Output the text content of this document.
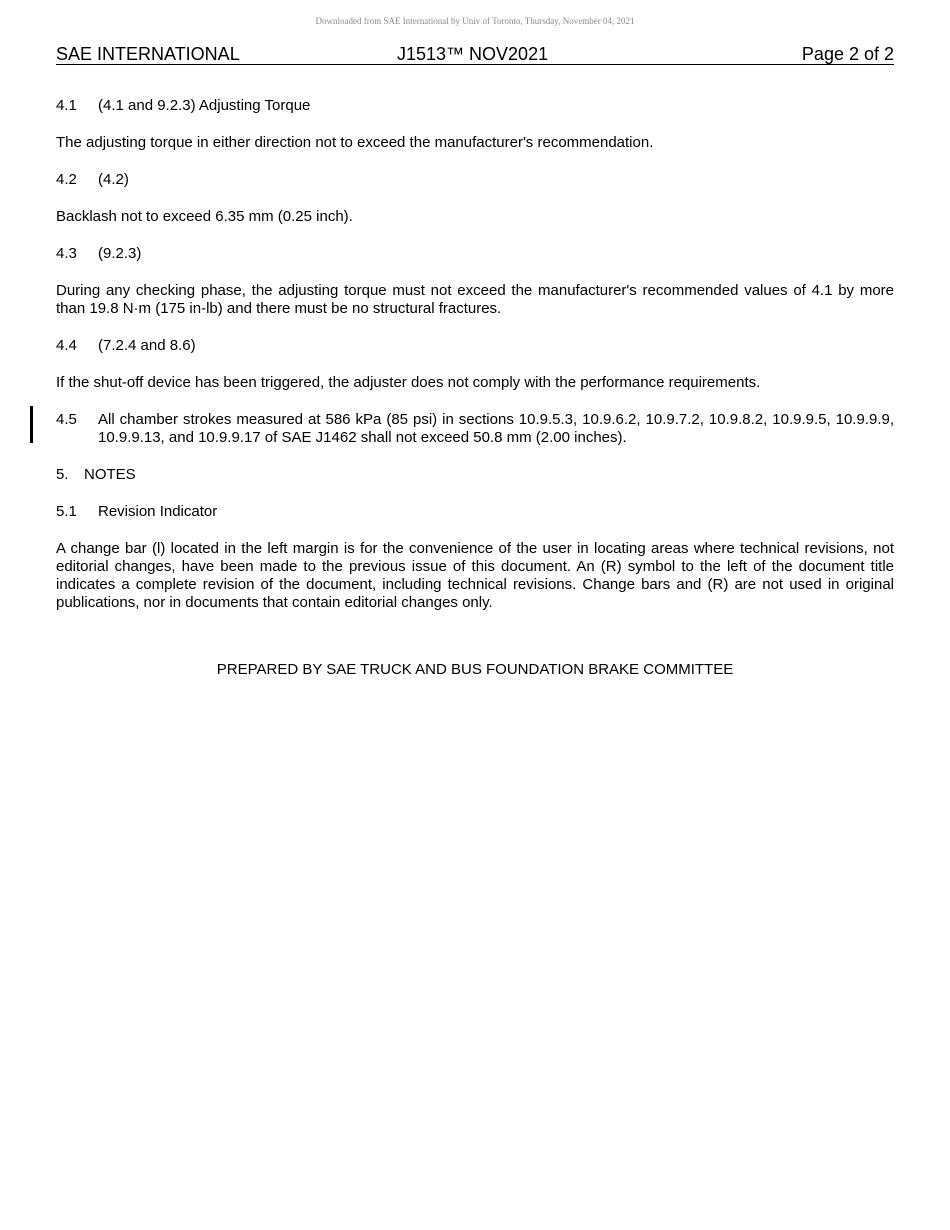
Downloaded from SAE International by Univ of Toronto, Thursday, November 04, 2021
SAE INTERNATIONAL	J1513™ NOV2021	Page 2 of 2
4.1 (4.1 and 9.2.3) Adjusting Torque

The adjusting torque in either direction not to exceed the manufacturer's recommendation.

4.2 (4.2)

Backlash not to exceed 6.35 mm (0.25 inch).

4.3 (9.2.3)

During any checking phase, the adjusting torque must not exceed the manufacturer's recommended values of 4.1 by more than 19.8 N·m (175 in-lb) and there must be no structural fractures.

4.4 (7.2.4 and 8.6)

If the shut-off device has been triggered, the adjuster does not comply with the performance requirements.

4.5 All chamber strokes measured at 586 kPa (85 psi) in sections 10.9.5.3, 10.9.6.2, 10.9.7.2, 10.9.8.2, 10.9.9.5, 10.9.9.9, 10.9.9.13, and 10.9.9.17 of SAE J1462 shall not exceed 50.8 mm (2.00 inches).
5. NOTES
5.1 Revision Indicator

A change bar (l) located in the left margin is for the convenience of the user in locating areas where technical revisions, not editorial changes, have been made to the previous issue of this document. An (R) symbol to the left of the document title indicates a complete revision of the document, including technical revisions. Change bars and (R) are not used in original publications, nor in documents that contain editorial changes only.

PREPARED BY SAE TRUCK AND BUS FOUNDATION BRAKE COMMITTEE
